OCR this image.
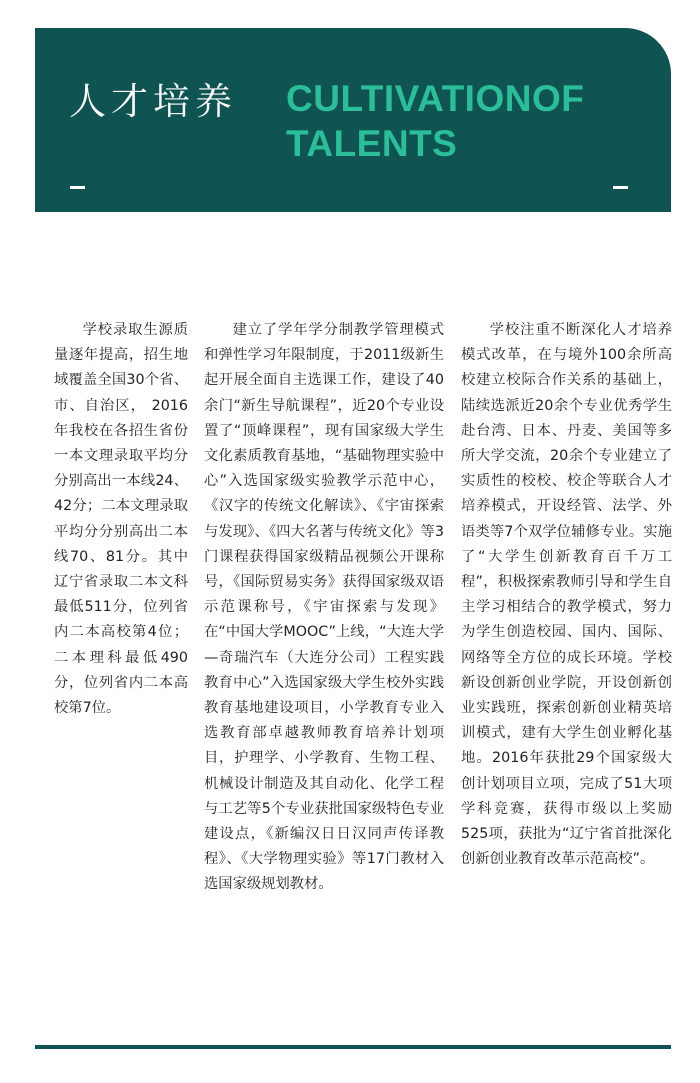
人才培养 CULTIVATIONOF
TALENTS

学校录取生源质量逐年提高，招生地域覆盖全国30个省、市、自治区， 2016年我校在各招生省份一本文理录取平均分分别高出一本线24、42分；二本文理录取平均分分别高出二本线70、81分。其中辽宁省录取二本文科最低511分，位列省内二本高校第4位；二本理科最低490分，位列省内二本高校第7位。

建立了学年学分制教学管理模式和弹性学习年限制度，于2011级新生起开展全面自主选课工作，建设了40余门“新生导航课程”，近20个专业设置了“顶峰课程”，现有国家级大学生文化素质教育基地，“基础物理实验中心”入选国家级实验教学示范中心，《汉字的传统文化解读》、《宇宙探索与发现》、《四大名著与传统文化》等3门课程获得国家级精品视频公开课称号，《国际贸易实务》获得国家级双语示范课称号，《宇宙探索与发现》在“中国大学MOOC”上线，“大连大学—奇瑞汽车（大连分公司）工程实践教育中心”入选国家级大学生校外实践教育基地建设项目，小学教育专业入选教育部卓越教师教育培养计划项目，护理学、小学教育、生物工程、机械设计制造及其自动化、化学工程与工艺等5个专业获批国家级特色专业建设点，《新编汉日日汉同声传译教程》、《大学物理实验》等17门教材入选国家级规划教材。

学校注重不断深化人才培养模式改革，在与境外100余所高校建立校际合作关系的基础上，陆续选派近20余个专业优秀学生赴台湾、日本、丹麦、美国等多所大学交流，20余个专业建立了实质性的校校、校企等联合人才培养模式，开设经管、法学、外语类等7个双学位辅修专业。实施了“大学生创新教育百千万工程”，积极探索教师引导和学生自主学习相结合的教学模式，努力为学生创造校园、国内、国际、网络等全方位的成长环境。学校新设创新创业学院，开设创新创业实践班，探索创新创业精英培训模式，建有大学生创业孵化基地。2016年获批29个国家级大创计划项目立项，完成了51大项学科竞赛，获得市级以上奖励525项，获批为“辽宁省首批深化创新创业教育改革示范高校”。
